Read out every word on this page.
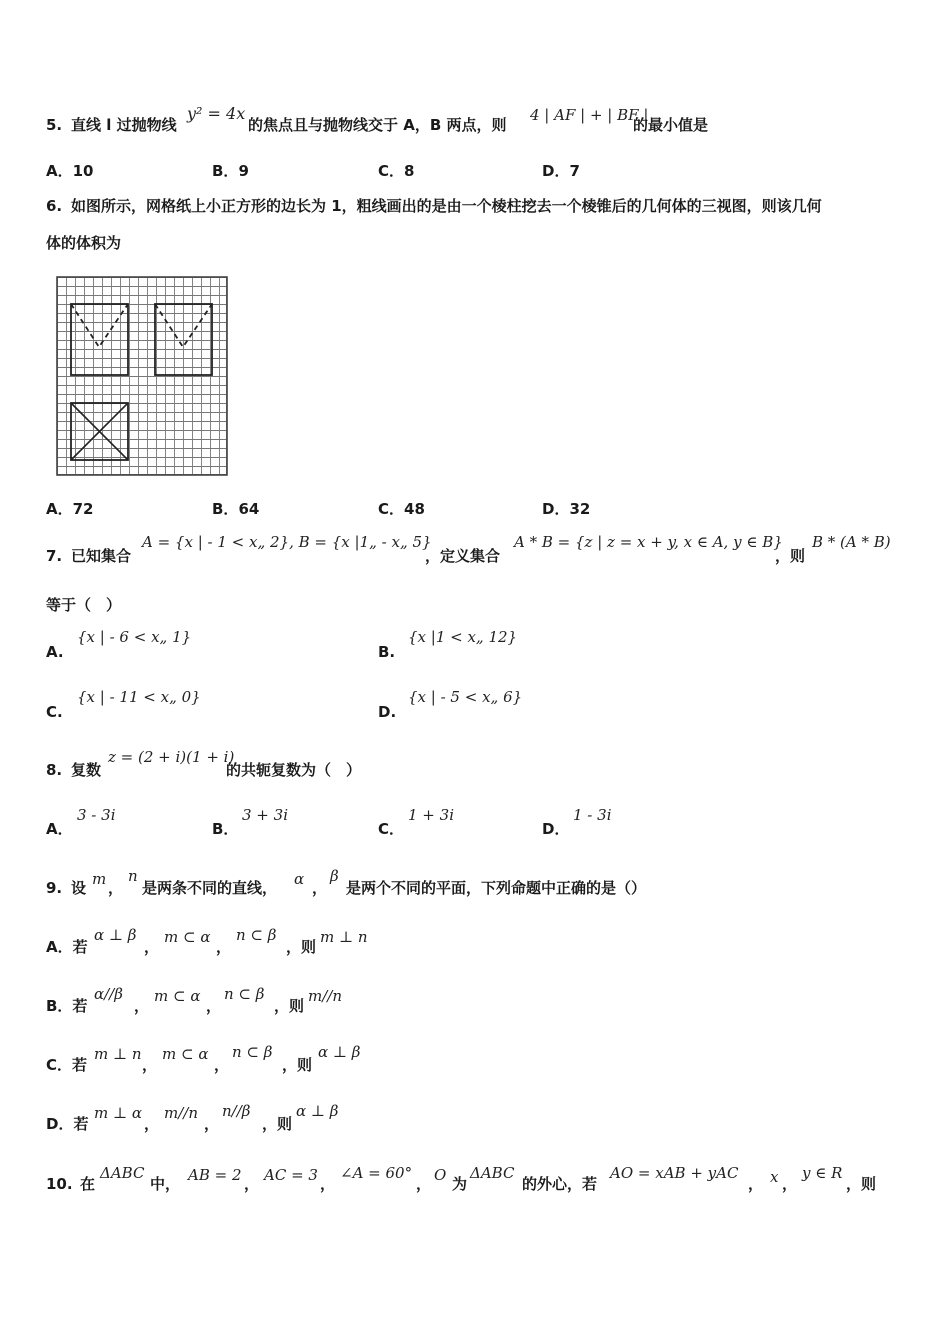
5. 直线 l 过抛物线
y² = 4x
的焦点且与抛物线交于 A，B 两点，则
4 | AF | + | BF |
的最小值是
A．10	B．9	C．8	D．7
6. 如图所示，网格纸上小正方形的边长为 1，粗线画出的是由一个棱柱挖去一个棱锥后的几何体的三视图，则该几何
体的体积为
A．72	B．64	C．48	D．32
7. 已知集合
A = {x | - 1 < x„ 2}, B = {x |1„ - x„ 5}
，定义集合
A * B = {z | z = x + y, x ∈ A, y ∈ B}
，则
B * (A * B)
等于（　）
A.
{x | - 6 < x„ 1}
B.
{x |1 < x„ 12}
C.
{x | - 11 < x„ 0}
D.
{x | - 5 < x„ 6}
8. 复数
z = (2 + i)(1 + i)
的共轭复数为（　）
A．
3 - 3i
B．
3 + 3i
C．
1 + 3i
D．
1 - 3i
9. 设 m ，
n
是两条不同的直线， α ，
β
是两个不同的平面，下列命题中正确的是（）
A．若
α ⊥ β
，
m ⊂ α
，
n ⊂ β
，则
m ⊥ n
B．若
α//β
，
m ⊂ α
，
n ⊂ β
，则
m//n
C．若
m ⊥ n
，
m ⊂ α
，
n ⊂ β
，则
α ⊥ β
D．若
m ⊥ α
，
m//n
，
n//β
，则
α ⊥ β
10. 在
ΔABC
中， AB = 2 ， AC = 3 ，
∠A = 60°
， O 为
ΔABC
的外心，若
AO = xAB + yAC
， x ，
y ∈ R
，则
